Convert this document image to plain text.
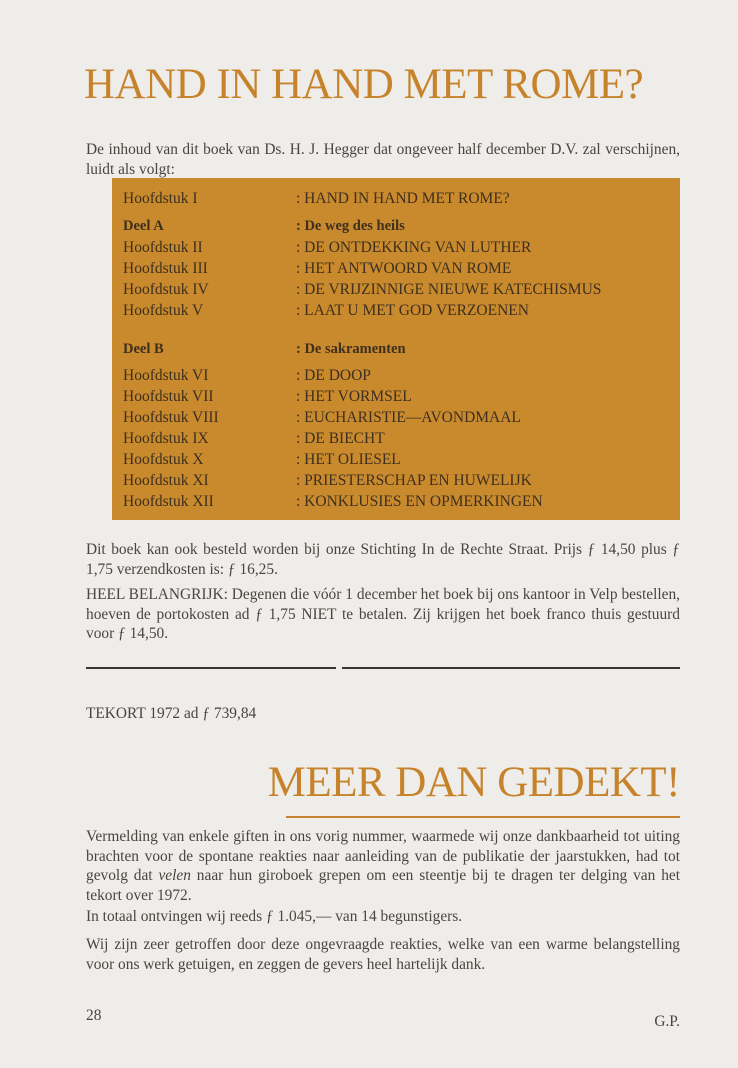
HAND IN HAND MET ROME?

De inhoud van dit boek van Ds. H. J. Hegger dat ongeveer half december D.V. zal verschijnen, luidt als volgt:

Hoofdstuk I	: HAND IN HAND MET ROME?
Deel A	: De weg des heils
Hoofdstuk II	: DE ONTDEKKING VAN LUTHER
Hoofdstuk III	: HET ANTWOORD VAN ROME
Hoofdstuk IV	: DE VRIJZINNIGE NIEUWE KATECHISMUS
Hoofdstuk V	: LAAT U MET GOD VERZOENEN
Deel B	: De sakramenten
Hoofdstuk VI	: DE DOOP
Hoofdstuk VII	: HET VORMSEL
Hoofdstuk VIII	: EUCHARISTIE—AVONDMAAL
Hoofdstuk IX	: DE BIECHT
Hoofdstuk X	: HET OLIESEL
Hoofdstuk XI	: PRIESTERSCHAP EN HUWELIJK
Hoofdstuk XII	: KONKLUSIES EN OPMERKINGEN

Dit boek kan ook besteld worden bij onze Stichting In de Rechte Straat. Prijs ƒ 14,50 plus ƒ 1,75 verzendkosten is: ƒ 16,25.

HEEL BELANGRIJK: Degenen die vóór 1 december het boek bij ons kantoor in Velp bestellen, hoeven de portokosten ad ƒ 1,75 NIET te betalen. Zij krijgen het boek franco thuis gestuurd voor ƒ 14,50.

TEKORT 1972 ad ƒ 739,84

MEER DAN GEDEKT!

Vermelding van enkele giften in ons vorig nummer, waarmede wij onze dankbaarheid tot uiting brachten voor de spontane reakties naar aanleiding van de publikatie der jaarstukken, had tot gevolg dat velen naar hun giroboek grepen om een steentje bij te dragen ter delging van het tekort over 1972.

In totaal ontvingen wij reeds ƒ 1.045,— van 14 begunstigers.

Wij zijn zeer getroffen door deze ongevraagde reakties, welke van een warme belangstelling voor ons werk getuigen, en zeggen de gevers heel hartelijk dank.

G.P.

28
